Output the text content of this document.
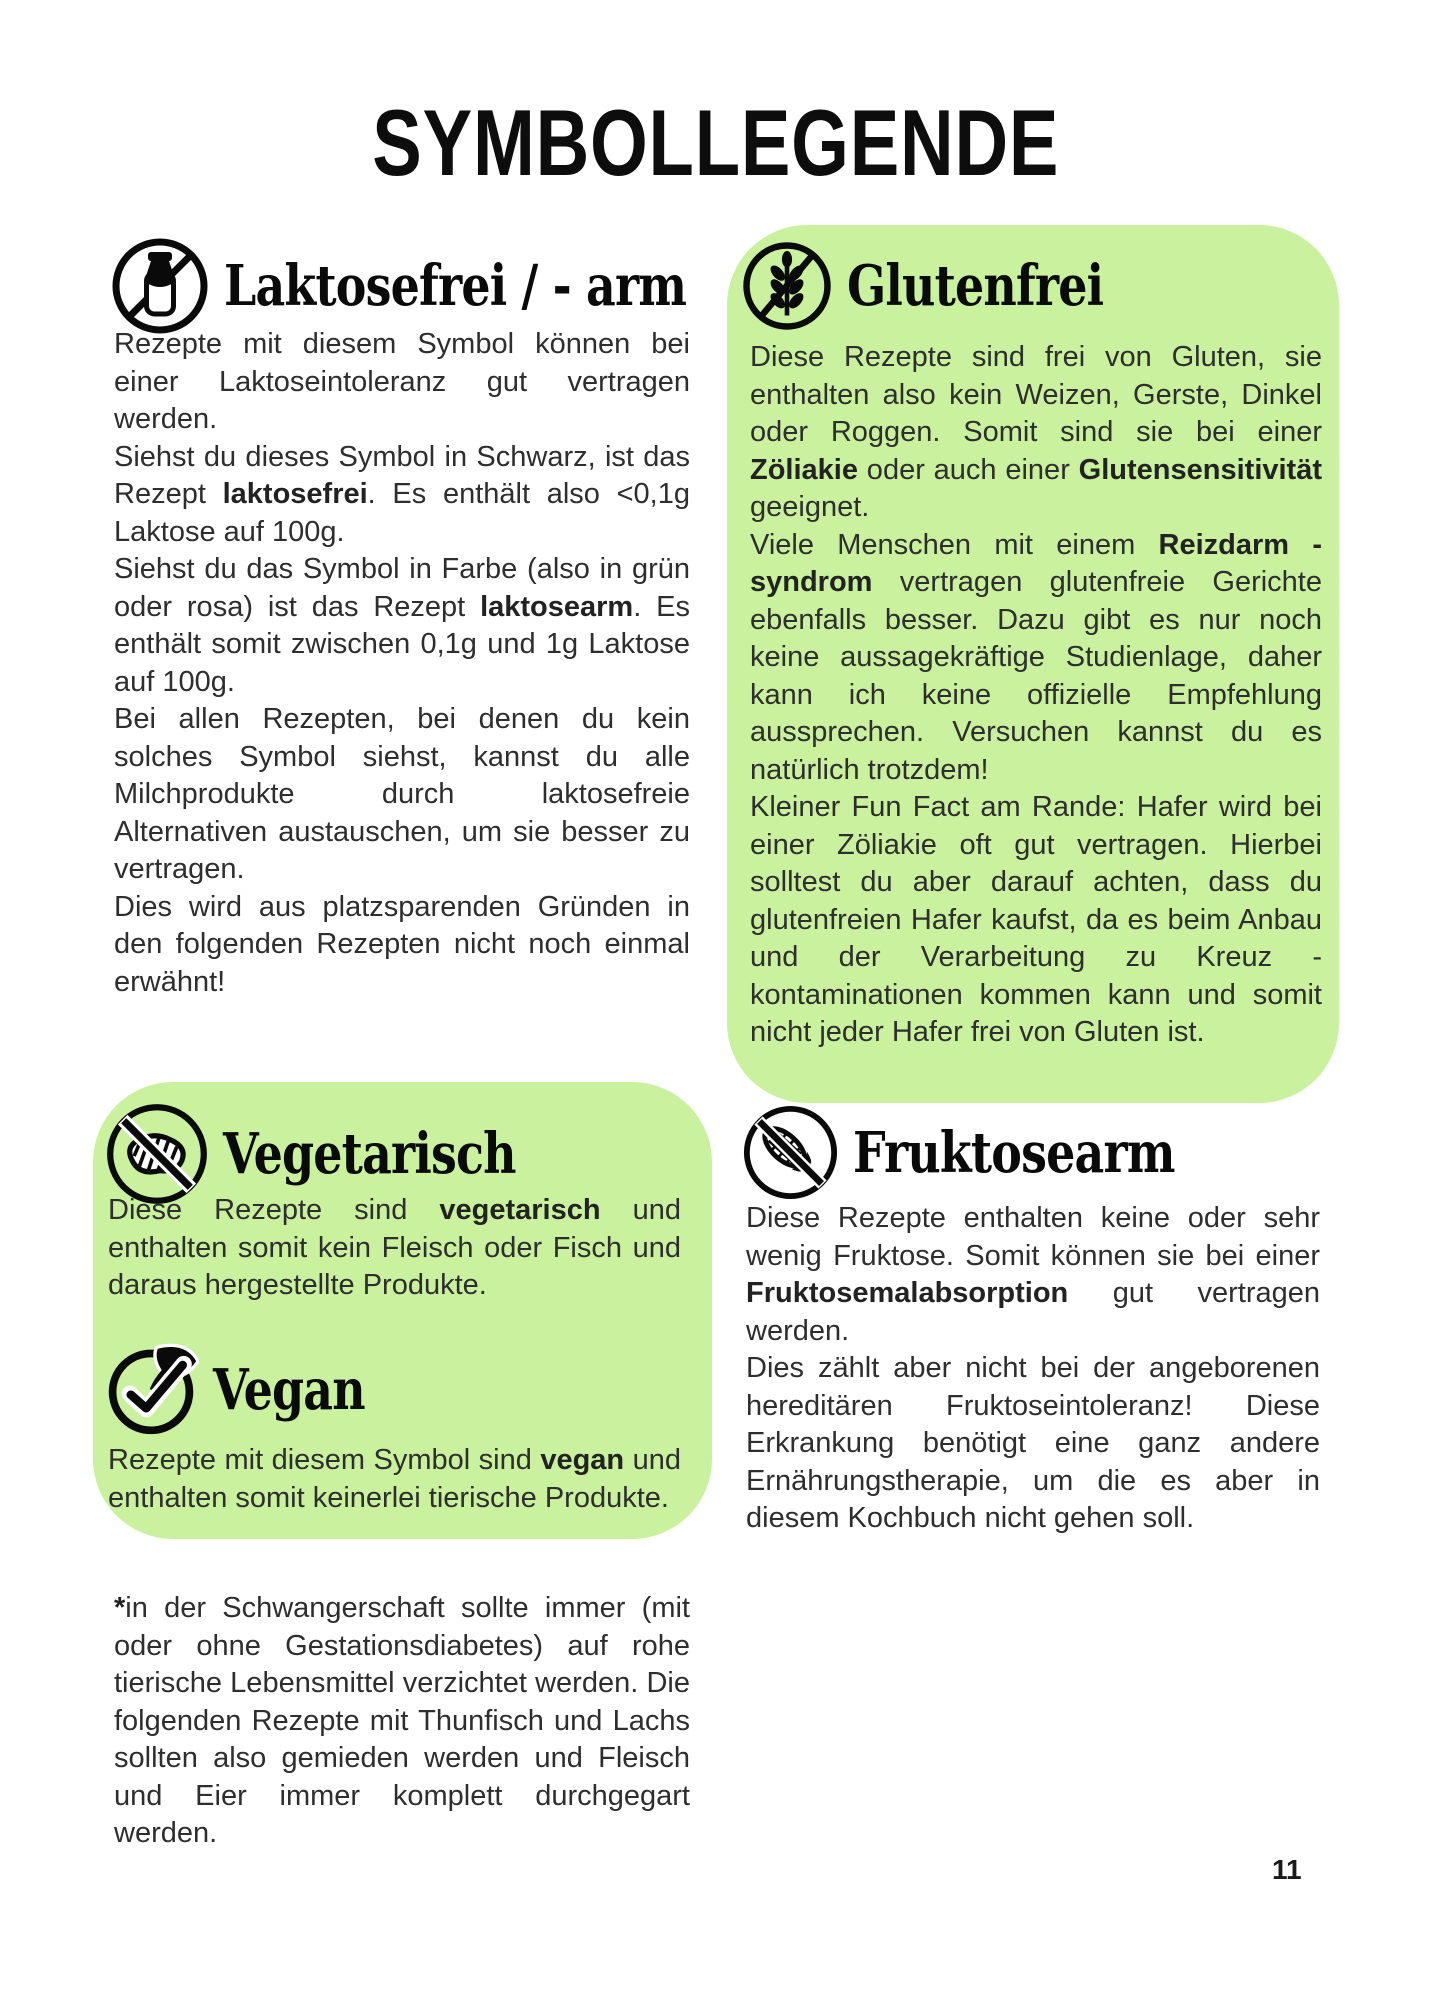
SYMBOLLEGENDE
Laktosefrei / - arm

Rezepte mit diesem Symbol können bei einer Laktoseintoleranz gut vertragen werden.

Siehst du dieses Symbol in Schwarz, ist das Rezept laktosefrei. Es enthält also <0,1g Laktose auf 100g.

Siehst du das Symbol in Farbe (also in grün oder rosa) ist das Rezept laktosearm. Es enthält somit zwischen 0,1g und 1g Laktose auf 100g.

Bei allen Rezepten, bei denen du kein solches Symbol siehst, kannst du alle Milchprodukte durch laktosefreie Alternativen austauschen, um sie besser zu vertragen.

Dies wird aus platzsparenden Gründen in den folgenden Rezepten nicht noch einmal erwähnt!

Glutenfrei

Diese Rezepte sind frei von Gluten, sie enthalten also kein Weizen, Gerste, Dinkel oder Roggen. Somit sind sie bei einer Zöliakie oder auch einer Glutensensitivität geeignet.

Viele Menschen mit einem Reizdarm - syndrom vertragen glutenfreie Gerichte ebenfalls besser. Dazu gibt es nur noch keine aussagekräftige Studienlage, daher kann ich keine offizielle Empfehlung aussprechen. Versuchen kannst du es natürlich trotzdem!

Kleiner Fun Fact am Rande: Hafer wird bei einer Zöliakie oft gut vertragen. Hierbei solltest du aber darauf achten, dass du glutenfreien Hafer kaufst, da es beim Anbau und der Verarbeitung zu Kreuz - kontaminationen kommen kann und somit nicht jeder Hafer frei von Gluten ist.

Vegetarisch

Diese Rezepte sind vegetarisch und enthalten somit kein Fleisch oder Fisch und daraus hergestellte Produkte.

Vegan

Rezepte mit diesem Symbol sind vegan und enthalten somit keinerlei tierische Produkte.

Fruktosearm

Diese Rezepte enthalten keine oder sehr wenig Fruktose. Somit können sie bei einer Fruktosemalabsorption gut vertragen werden.

Dies zählt aber nicht bei der angeborenen hereditären Fruktoseintoleranz! Diese Erkrankung benötigt eine ganz andere Ernährungstherapie, um die es aber in diesem Kochbuch nicht gehen soll.

*in der Schwangerschaft sollte immer (mit oder ohne Gestationsdiabetes) auf rohe tierische Lebensmittel verzichtet werden. Die folgenden Rezepte mit Thunfisch und Lachs sollten also gemieden werden und Fleisch und Eier immer komplett durchgegart werden.

11
